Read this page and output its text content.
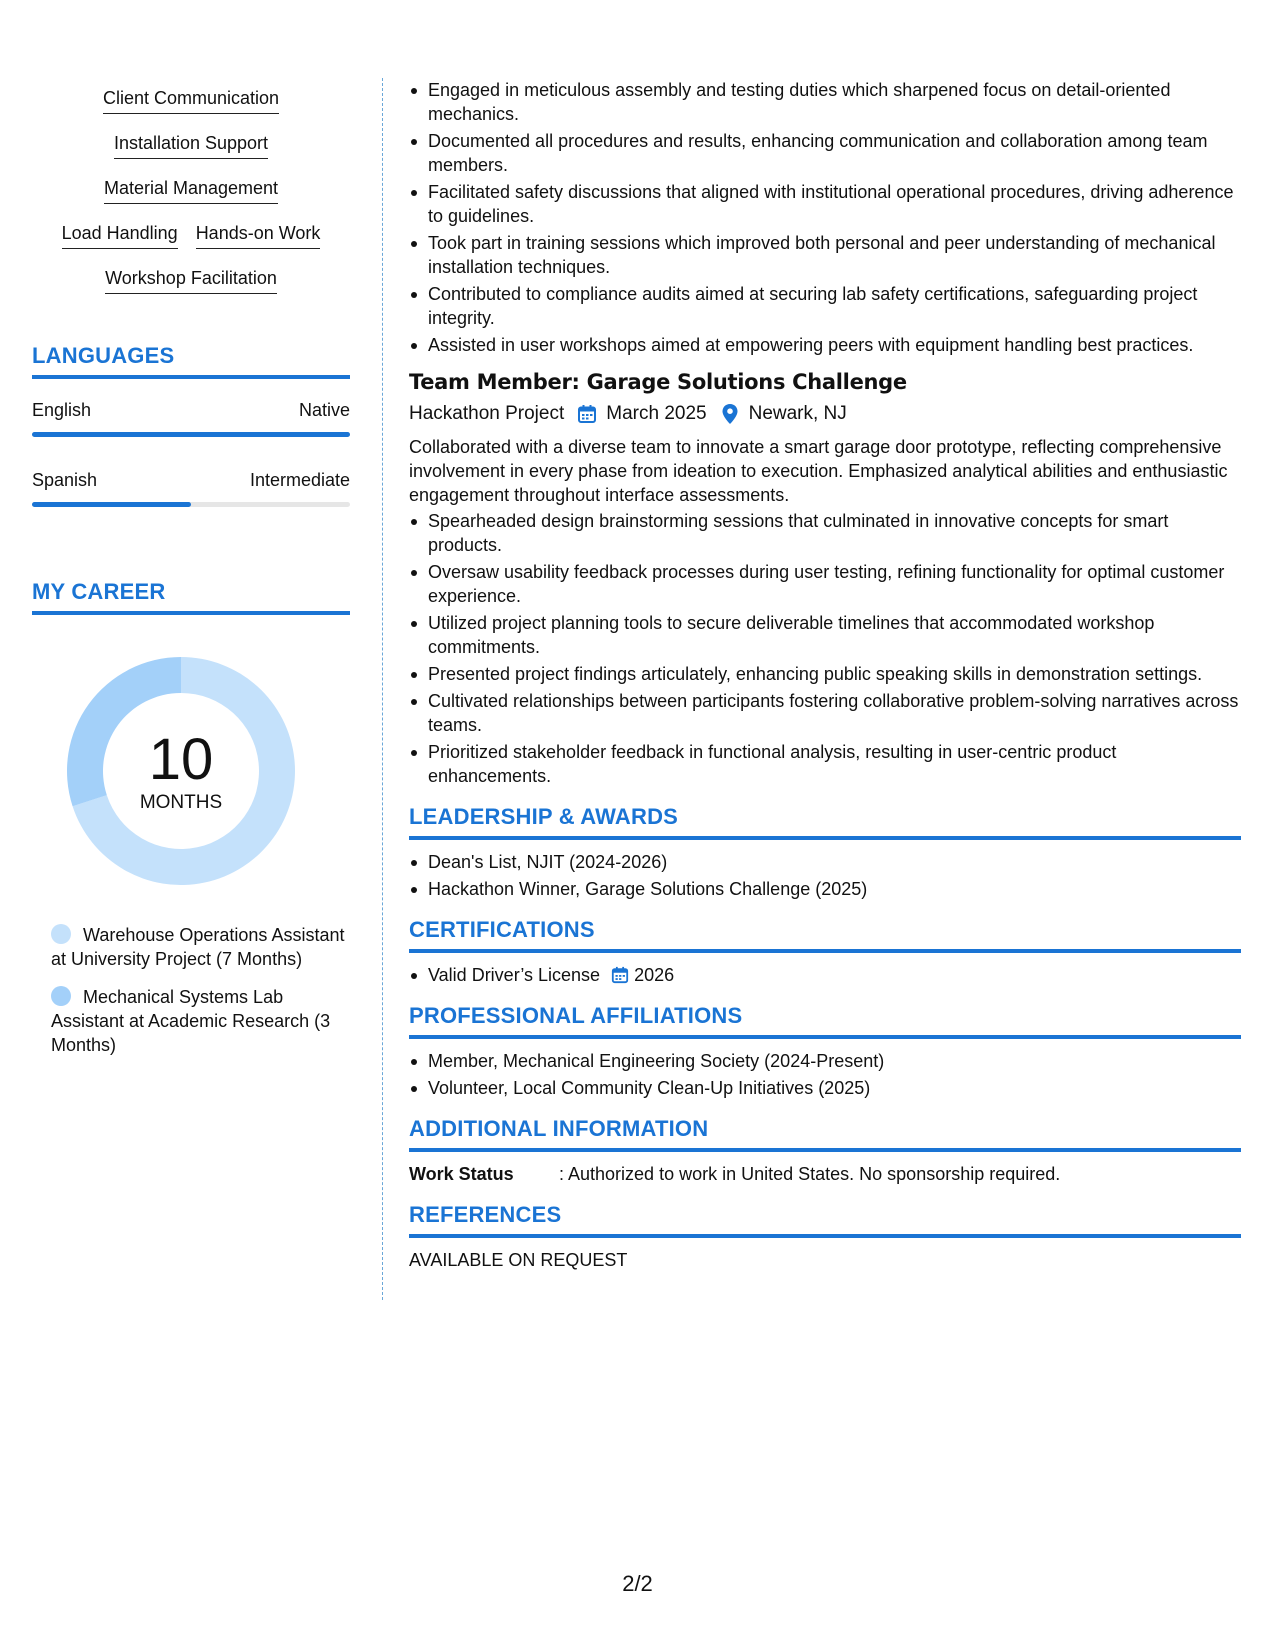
Client Communication
Installation Support
Material Management
Load Handling Hands-on Work
Workshop Facilitation
LANGUAGES
English	Native
Spanish	Intermediate
MY CAREER
10
MONTHS
Warehouse Operations Assistant at University Project (7 Months)
Mechanical Systems Lab Assistant at Academic Research (3 Months)
Engaged in meticulous assembly and testing duties which sharpened focus on detail-oriented mechanics.
Documented all procedures and results, enhancing communication and collaboration among team members.
Facilitated safety discussions that aligned with institutional operational procedures, driving adherence to guidelines.
Took part in training sessions which improved both personal and peer understanding of mechanical installation techniques.
Contributed to compliance audits aimed at securing lab safety certifications, safeguarding project integrity.
Assisted in user workshops aimed at empowering peers with equipment handling best practices.
Team Member: Garage Solutions Challenge
Hackathon Project March 2025 Newark, NJ
Collaborated with a diverse team to innovate a smart garage door prototype, reflecting comprehensive involvement in every phase from ideation to execution. Emphasized analytical abilities and enthusiastic engagement throughout interface assessments.
Spearheaded design brainstorming sessions that culminated in innovative concepts for smart products.
Oversaw usability feedback processes during user testing, refining functionality for optimal customer experience.
Utilized project planning tools to secure deliverable timelines that accommodated workshop commitments.
Presented project findings articulately, enhancing public speaking skills in demonstration settings.
Cultivated relationships between participants fostering collaborative problem-solving narratives across teams.
Prioritized stakeholder feedback in functional analysis, resulting in user-centric product enhancements.
LEADERSHIP & AWARDS
Dean's List, NJIT (2024-2026)
Hackathon Winner, Garage Solutions Challenge (2025)
CERTIFICATIONS
Valid Driver’s License 2026
PROFESSIONAL AFFILIATIONS
Member, Mechanical Engineering Society (2024-Present)
Volunteer, Local Community Clean-Up Initiatives (2025)
ADDITIONAL INFORMATION
Work Status	: Authorized to work in United States. No sponsorship required.
REFERENCES
AVAILABLE ON REQUEST
2/2
